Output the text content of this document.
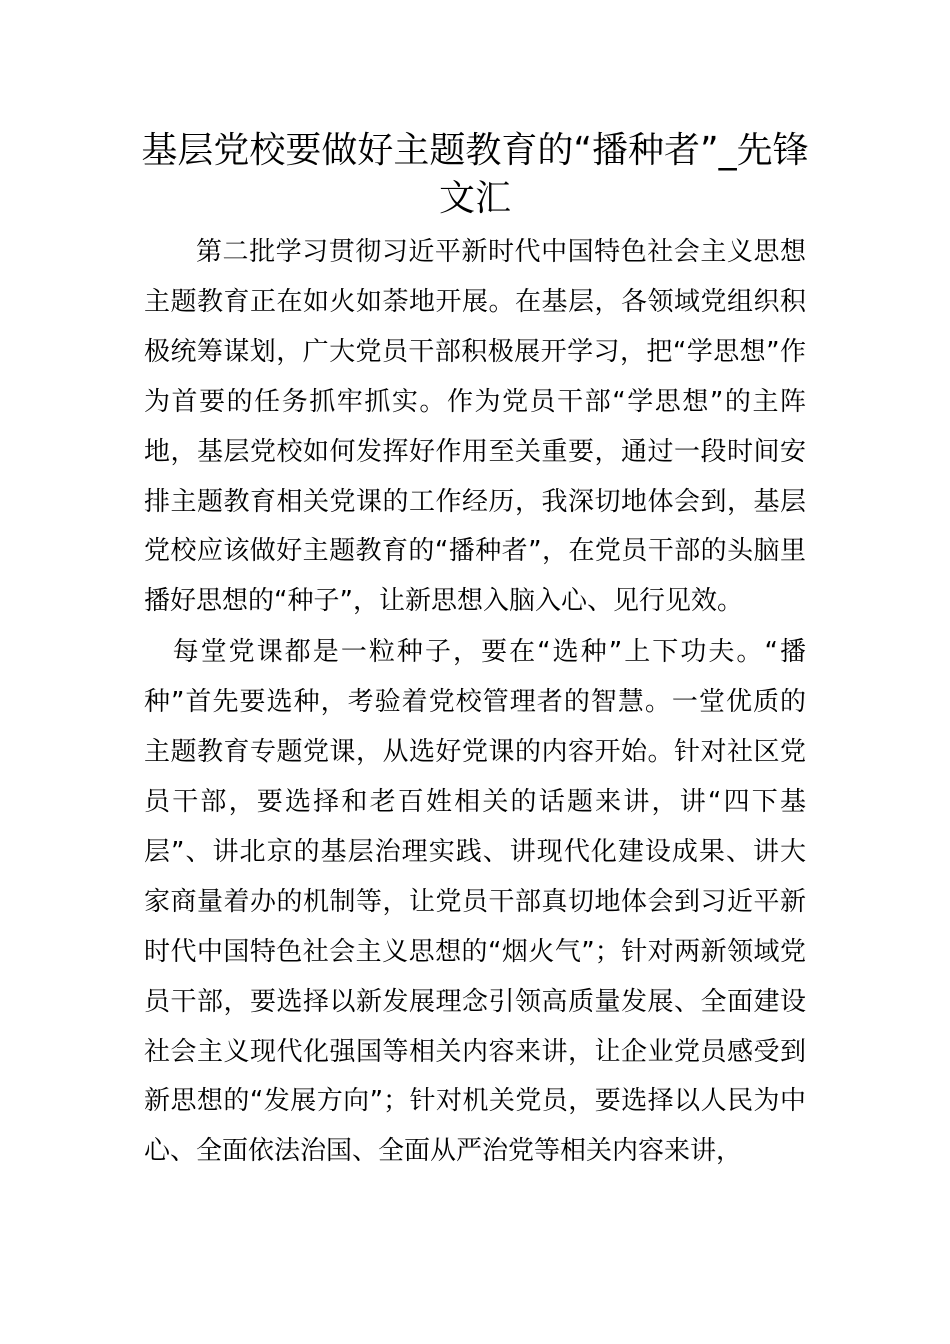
基层党校要做好主题教育的“播种者”_先锋文汇

第二批学习贯彻习近平新时代中国特色社会主义思想主题教育正在如火如荼地开展。在基层，各领域党组织积极统筹谋划，广大党员干部积极展开学习，把“学思想”作为首要的任务抓牢抓实。作为党员干部“学思想”的主阵地，基层党校如何发挥好作用至关重要，通过一段时间安排主题教育相关党课的工作经历，我深切地体会到，基层党校应该做好主题教育的“播种者”，在党员干部的头脑里播好思想的“种子”，让新思想入脑入心、见行见效。

每堂党课都是一粒种子，要在“选种”上下功夫。“播种”首先要选种，考验着党校管理者的智慧。一堂优质的主题教育专题党课，从选好党课的内容开始。针对社区党员干部，要选择和老百姓相关的话题来讲，讲“四下基层”、讲北京的基层治理实践、讲现代化建设成果、讲大家商量着办的机制等，让党员干部真切地体会到习近平新时代中国特色社会主义思想的“烟火气”；针对两新领域党员干部，要选择以新发展理念引领高质量发展、全面建设社会主义现代化强国等相关内容来讲，让企业党员感受到新思想的“发展方向”；针对机关党员，要选择以人民为中心、全面依法治国、全面从严治党等相关内容来讲，
